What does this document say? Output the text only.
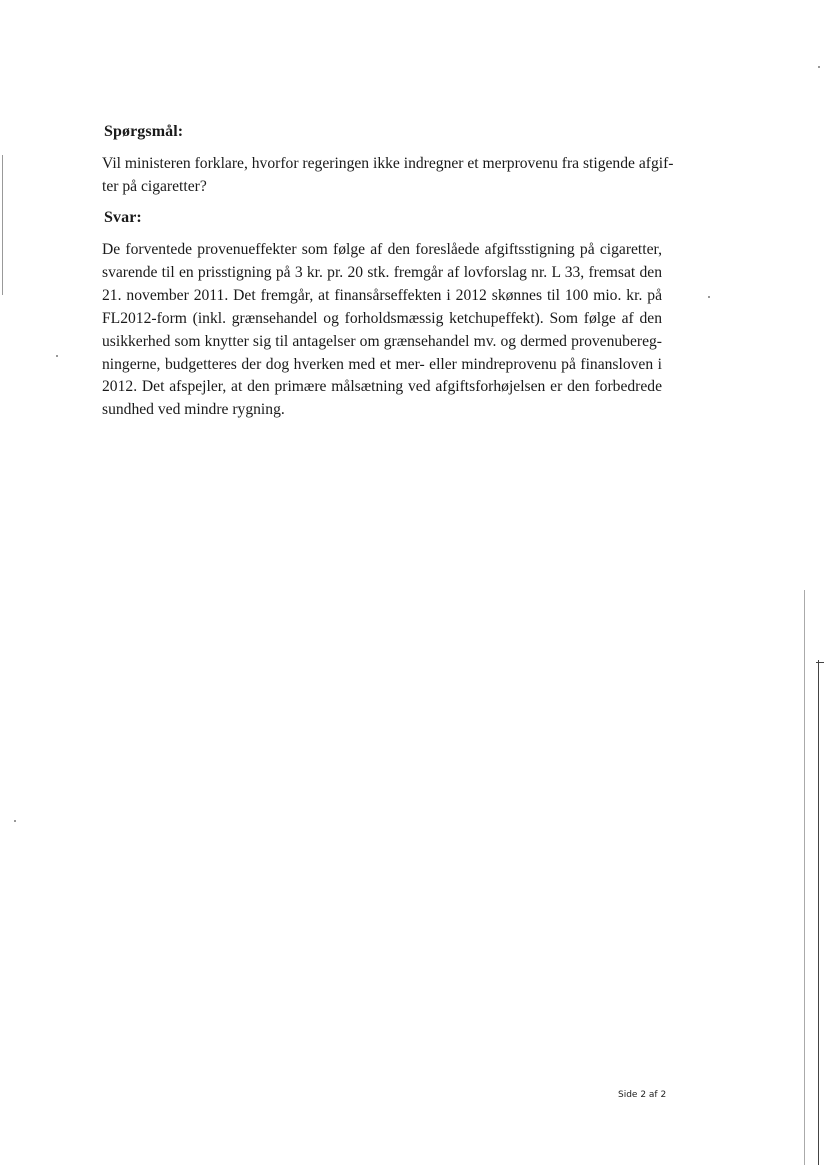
Spørgsmål:

Vil ministeren forklare, hvorfor regeringen ikke indregner et merprovenu fra stigende afgif-
ter på cigaretter?

Svar:

De forventede provenueffekter som følge af den foreslåede afgiftsstigning på cigaretter,
svarende til en prisstigning på 3 kr. pr. 20 stk. fremgår af lovforslag nr. L 33, fremsat den
21. november 2011. Det fremgår, at finansårseffekten i 2012 skønnes til 100 mio. kr. på
FL2012-form (inkl. grænsehandel og forholdsmæssig ketchupeffekt). Som følge af den
usikkerhed som knytter sig til antagelser om grænsehandel mv. og dermed provenubereg-
ningerne, budgetteres der dog hverken med et mer- eller mindreprovenu på finansloven i
2012. Det afspejler, at den primære målsætning ved afgiftsforhøjelsen er den forbedrede
sundhed ved mindre rygning.

Side 2 af 2
